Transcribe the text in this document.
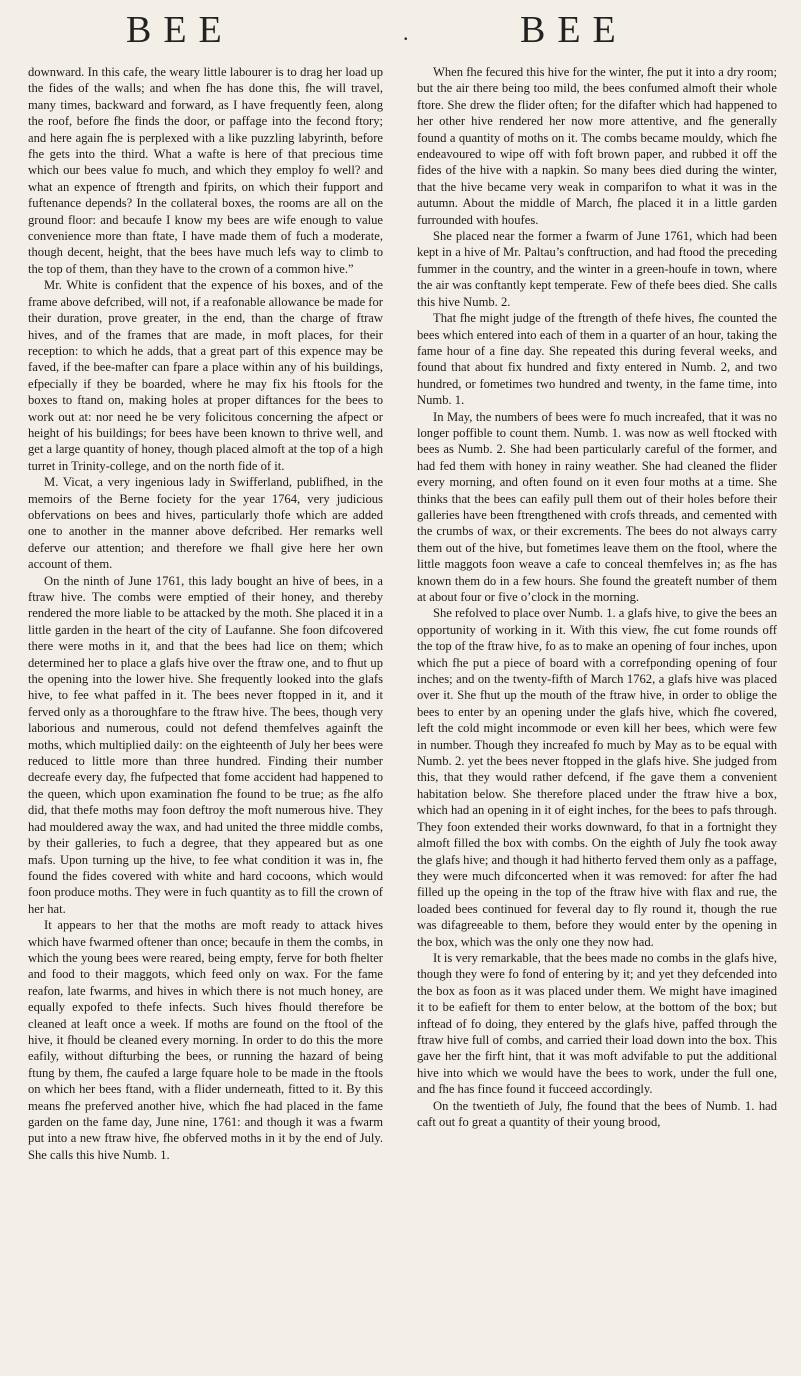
BEE	.	BEE

downward. In this cafe, the weary little labourer is to drag her load up the fides of the walls; and when fhe has done this, fhe will travel, many times, backward and forward, as I have frequently feen, along the roof, before fhe finds the door, or paffage into the fecond ftory; and here again fhe is perplexed with a like puzzling labyrinth, before fhe gets into the third. What a wafte is here of that precious time which our bees value fo much, and which they employ fo well? and what an expence of ftrength and fpirits, on which their fupport and fuftenance depends? In the collateral boxes, the rooms are all on the ground floor: and becaufe I know my bees are wife enough to value convenience more than ftate, I have made them of fuch a moderate, though decent, height, that the bees have much lefs way to climb to the top of them, than they have to the crown of a common hive.”

Mr. White is confident that the expence of his boxes, and of the frame above defcribed, will not, if a reafonable allowance be made for their duration, prove greater, in the end, than the charge of ftraw hives, and of the frames that are made, in moft places, for their reception: to which he adds, that a great part of this expence may be faved, if the bee-mafter can fpare a place within any of his buildings, efpecially if they be boarded, where he may fix his ftools for the boxes to ftand on, making holes at proper diftances for the bees to work out at: nor need he be very folicitous concerning the afpect or height of his buildings; for bees have been known to thrive well, and get a large quantity of honey, though placed almoft at the top of a high turret in Trinity-college, and on the north fide of it.

M. Vicat, a very ingenious lady in Swifferland, publifhed, in the memoirs of the Berne fociety for the year 1764, very judicious obfervations on bees and hives, particularly thofe which are added one to another in the manner above defcribed. Her remarks well deferve our attention; and therefore we fhall give here her own account of them.

On the ninth of June 1761, this lady bought an hive of bees, in a ftraw hive. The combs were emptied of their honey, and thereby rendered the more liable to be attacked by the moth. She placed it in a little garden in the heart of the city of Laufanne. She foon difcovered there were moths in it, and that the bees had lice on them; which determined her to place a glafs hive over the ftraw one, and to fhut up the opening into the lower hive. She frequently looked into the glafs hive, to fee what paffed in it. The bees never ftopped in it, and it ferved only as a thoroughfare to the ftraw hive. The bees, though very laborious and numerous, could not defend themfelves againft the moths, which multiplied daily: on the eighteenth of July her bees were reduced to little more than three hundred. Finding their number decreafe every day, fhe fufpected that fome accident had happened to the queen, which upon examination fhe found to be true; as fhe alfo did, that thefe moths may foon deftroy the moft numerous hive. They had mouldered away the wax, and had united the three middle combs, by their galleries, to fuch a degree, that they appeared but as one mafs. Upon turning up the hive, to fee what condition it was in, fhe found the fides covered with white and hard cocoons, which would foon produce moths. They were in fuch quantity as to fill the crown of her hat.

It appears to her that the moths are moft ready to attack hives which have fwarmed oftener than once; becaufe in them the combs, in which the young bees were reared, being empty, ferve for both fhelter and food to their maggots, which feed only on wax. For the fame reafon, late fwarms, and hives in which there is not much honey, are equally expofed to thefe infects. Such hives fhould therefore be cleaned at leaft once a week. If moths are found on the ftool of the hive, it fhould be cleaned every morning. In order to do this the more eafily, without difturbing the bees, or running the hazard of being ftung by them, fhe caufed a large fquare hole to be made in the ftools on which her bees ftand, with a flider underneath, fitted to it. By this means fhe preferved another hive, which fhe had placed in the fame garden on the fame day, June nine, 1761: and though it was a fwarm put into a new ftraw hive, fhe obferved moths in it by the end of July. She calls this hive Numb. 1.

When fhe fecured this hive for the winter, fhe put it into a dry room; but the air there being too mild, the bees confumed almoft their whole ftore. She drew the flider often; for the difafter which had happened to her other hive rendered her now more attentive, and fhe generally found a quantity of moths on it. The combs became mouldy, which fhe endeavoured to wipe off with foft brown paper, and rubbed it off the fides of the hive with a napkin. So many bees died during the winter, that the hive became very weak in comparifon to what it was in the autumn. About the middle of March, fhe placed it in a little garden furrounded with houfes.

She placed near the former a fwarm of June 1761, which had been kept in a hive of Mr. Paltau’s conftruction, and had ftood the preceding fummer in the country, and the winter in a green-houfe in town, where the air was conftantly kept temperate. Few of thefe bees died. She calls this hive Numb. 2.

That fhe might judge of the ftrength of thefe hives, fhe counted the bees which entered into each of them in a quarter of an hour, taking the fame hour of a fine day. She repeated this during feveral weeks, and found that about fix hundred and fixty entered in Numb. 2, and two hundred, or fometimes two hundred and twenty, in the fame time, into Numb. 1.

In May, the numbers of bees were fo much increafed, that it was no longer poffible to count them. Numb. 1. was now as well ftocked with bees as Numb. 2. She had been particularly careful of the former, and had fed them with honey in rainy weather. She had cleaned the flider every morning, and often found on it even four moths at a time. She thinks that the bees can eafily pull them out of their holes before their galleries have been ftrengthened with crofs threads, and cemented with the crumbs of wax, or their excrements. The bees do not always carry them out of the hive, but fometimes leave them on the ftool, where the little maggots foon weave a cafe to conceal themfelves in; as fhe has known them do in a few hours. She found the greateft number of them at about four or five o’clock in the morning.

She refolved to place over Numb. 1. a glafs hive, to give the bees an opportunity of working in it. With this view, fhe cut fome rounds off the top of the ftraw hive, fo as to make an opening of four inches, upon which fhe put a piece of board with a correfponding opening of four inches; and on the twenty-fifth of March 1762, a glafs hive was placed over it. She fhut up the mouth of the ftraw hive, in order to oblige the bees to enter by an opening under the glafs hive, which fhe covered, left the cold might incommode or even kill her bees, which were few in number. Though they increafed fo much by May as to be equal with Numb. 2. yet the bees never ftopped in the glafs hive. She judged from this, that they would rather defcend, if fhe gave them a convenient habitation below. She therefore placed under the ftraw hive a box, which had an opening in it of eight inches, for the bees to pafs through. They foon extended their works downward, fo that in a fortnight they almoft filled the box with combs. On the eighth of July fhe took away the glafs hive; and though it had hitherto ferved them only as a paffage, they were much difconcerted when it was removed: for after fhe had filled up the opeing in the top of the ftraw hive with flax and rue, the loaded bees continued for feveral day to fly round it, though the rue was difagreeable to them, before they would enter by the opening in the box, which was the only one they now had.

It is very remarkable, that the bees made no combs in the glafs hive, though they were fo fond of entering by it; and yet they defcended into the box as foon as it was placed under them. We might have imagined it to be eafieft for them to enter below, at the bottom of the box; but inftead of fo doing, they entered by the glafs hive, paffed through the ftraw hive full of combs, and carried their load down into the box. This gave her the firft hint, that it was moft advifable to put the additional hive into which we would have the bees to work, under the full one, and fhe has fince found it fucceed accordingly.

On the twentieth of July, fhe found that the bees of Numb. 1. had caft out fo great a quantity of their young brood,
